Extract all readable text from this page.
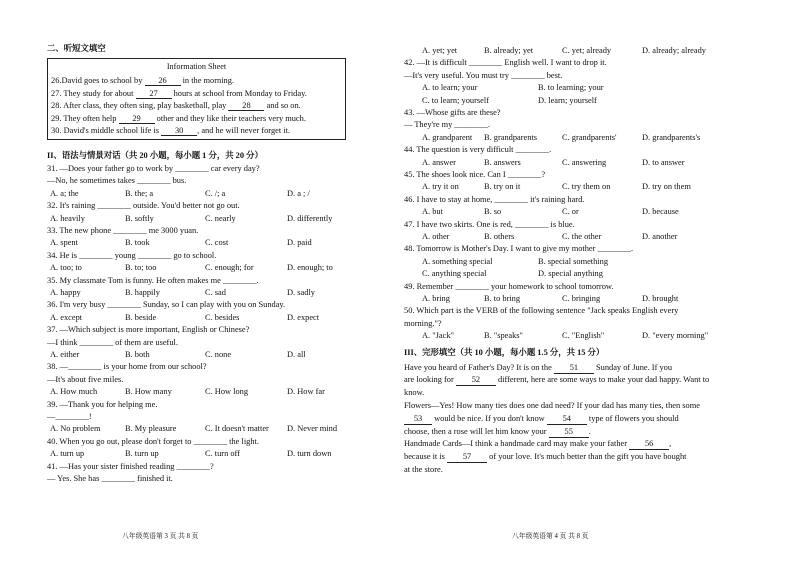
二、听短文填空
Information Sheet
26.David goes to school by 26 in the morning.
27. They study for about 27 hours at school from Monday to Friday.
28. After class, they often sing, play basketball, play 28 and so on.
29. They often help 29 other and they like their teachers very much.
30. David's middle school life is 30 , and he will never forget it.
II、语法与情景对话（共 20 小题，每小题 1 分，共 20 分）
31. —Does your father go to work by ________ car every day?
—No, he sometimes takes ________ bus.
A. a; the	B. the; a	C. /; a	D. a ; /
32. It's raining ________ outside. You'd better not go out.
A. heavily	B. softly	C. nearly	D. differently
33. The new phone ________ me 3000 yuan.
A. spent	B. took	C. cost	D. paid
34. He is ________ young ________ go to school.
A. too; to	B. to; too	C. enough; for	D. enough; to
35. My classmate Tom is funny. He often makes me ________.
A. happy	B. happily	C. sad	D. sadly
36. I'm very busy ________ Sunday, so I can play with you on Sunday.
A. except	B. beside	C. besides	D. expect
37. —Which subject is more important, English or Chinese?
—I think ________ of them are useful.
A. either	B. both	C. none	D. all
38. —________ is your home from our school?
—It's about five miles.
A. How much	B. How many	C. How long	D. How far
39. —Thank you for helping me.
—________!
A. No problem	B. My pleasure	C. It doesn't matter D. Never mind
40. When you go out, please don't forget to ________ the light.
A. turn up	B. turn up	C. turn off	D. turn down
41. —Has your sister finished reading ________?
— Yes. She has ________ finished it.
八年级英语第 3 页 共 8 页
A. yet; yet	B. already; yet	C. yet; already	D. already; already
42. —It is difficult ________ English well. I want to drop it.
—It's very useful. You must try ________ best.
A. to learn; your	B. to learning; your
C. to learn; yourself	D. learn; yourself
43. —Whose gifts are these?
— They're my ________.
A. grandparent B. grandparents	C. grandparents'	D. grandparents's
44. The question is very difficult ________.
A. answer	B. answers	C. answering	D. to answer
45. The shoes look nice. Can I ________?
A. try it on	B. try on it	C. try them on	D. try on them
46. I have to stay at home, ________ it's raining hard.
A. but	B. so	C. or	D. because
47. I have two skirts. One is red, ________ is blue.
A. other	B. others	C. the other	D. another
48. Tomorrow is Mother's Day. I want to give my mother ________.
A. something special	B. special something
C. anything special	D. special anything
49. Remember ________ your homework to school tomorrow.
A. bring	B. to bring	C. bringing	D. brought
50. Which part is the VERB of the following sentence "Jack speaks English every
morning."?
A. "Jack"	B. "speaks"	C. "English"	D. "every morning"
III、完形填空（共 10 小题，每小题 1.5 分，共 15 分）
Have you heard of Father's Day? It is on the 51 Sunday of June. If you
are looking for 52 different, here are some ways to make your dad happy. Want to
know.
Flowers—Yes! How many ties does one dad need? If your dad has many ties, then some
53 would be nice. If you don't know 54 type of flowers you should
choose, then a rose will let him know your 55 .
Handmade Cards—I think a handmade card may make your father 56 ,
because it is 57 of your love. It's much better than the gift you have bought
at the store.
八年级英语第 4 页 共 8 页
